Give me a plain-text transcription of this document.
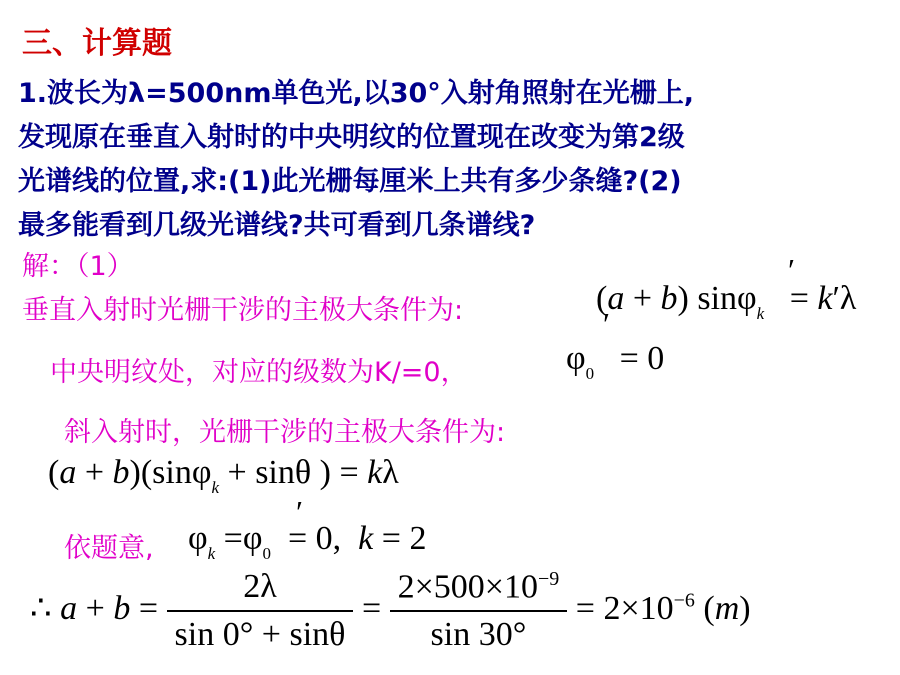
三、计算题
1.波长为λ=500nm单色光,以30°入射角照射在光栅上,
发现原在垂直入射时的中央明纹的位置现在改变为第2级
光谱线的位置,求:(1)此光栅每厘米上共有多少条缝?(2)
最多能看到几级光谱线?共可看到几条谱线?
解：（1）
垂直入射时光栅干涉的主极大条件为:	(a + b) sinφ$_k$   = k′λ
′
′
中央明纹处，对应的级数为K/=0，	$\varphi_0 = 0$
斜入射时，光栅干涉的主极大条件为:
(a + b)(sinφ$_k$ + sinθ ) = kλ
依题意, $\varphi_k =\varphi_0 = 0$,  k = 2
′
∴ $a + b = \frac{2\lambda}{\sin 0^\circ + \sin\theta} = \frac{2\times 500\times 10^{-9}}{\sin 30^\circ} = 2\times 10^{-6}$ (m)
